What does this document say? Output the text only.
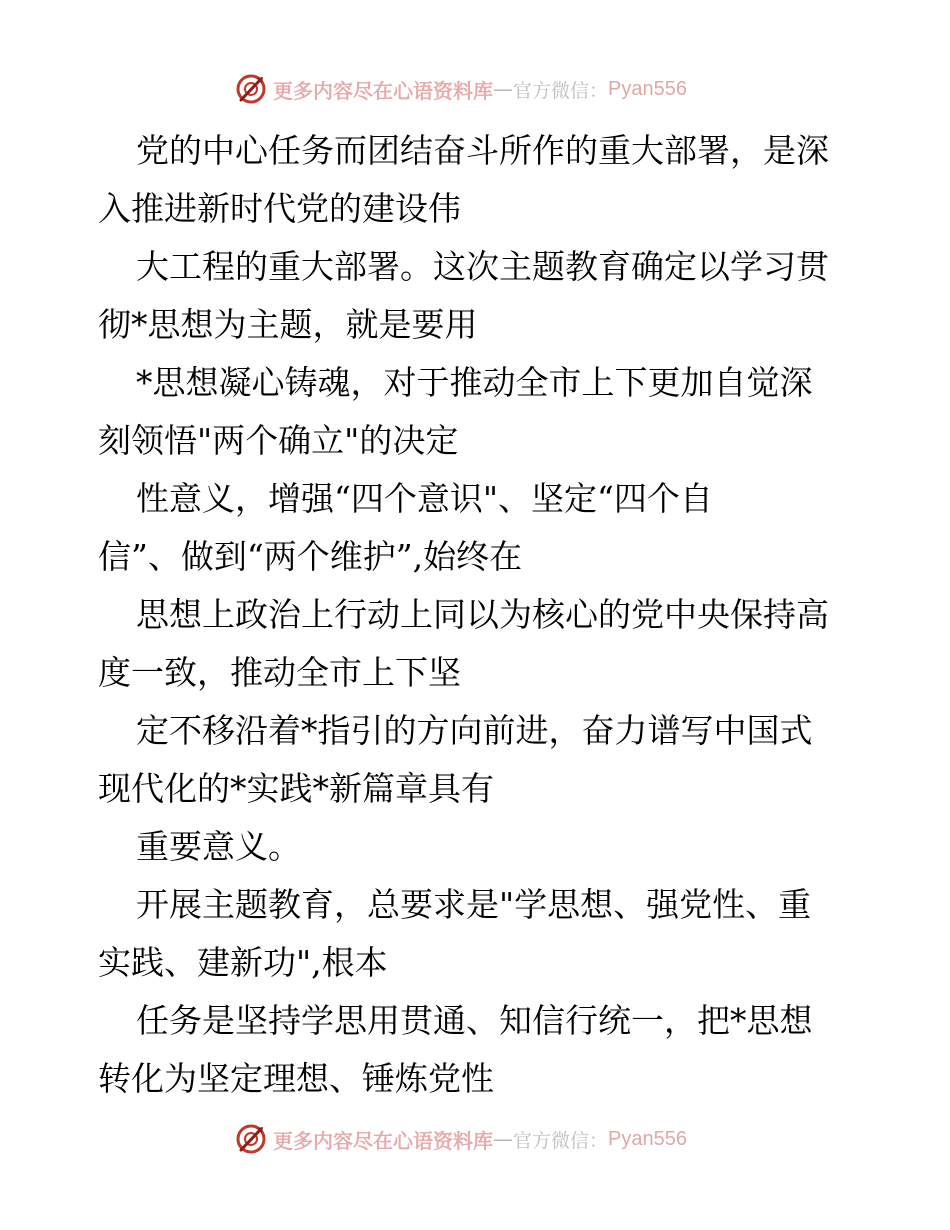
更多内容尽在心语资料库 — 官方微信： Pyan556
党的中心任务而团结奋斗所作的重大部署，是深
入推进新时代党的建设伟
大工程的重大部署。这次主题教育确定以学习贯
彻*思想为主题，就是要用
*思想凝心铸魂，对于推动全市上下更加自觉深
刻领悟"两个确立"的决定
性意义，增强“四个意识"、坚定“四个自
信”、做到“两个维护”,始终在
思想上政治上行动上同以为核心的党中央保持高
度一致，推动全市上下坚
定不移沿着*指引的方向前进，奋力谱写中国式
现代化的*实践*新篇章具有
重要意义。
开展主题教育，总要求是"学思想、强党性、重
实践、建新功",根本
任务是坚持学思用贯通、知信行统一，把*思想
转化为坚定理想、锤炼党性
更多内容尽在心语资料库 — 官方微信： Pyan556
